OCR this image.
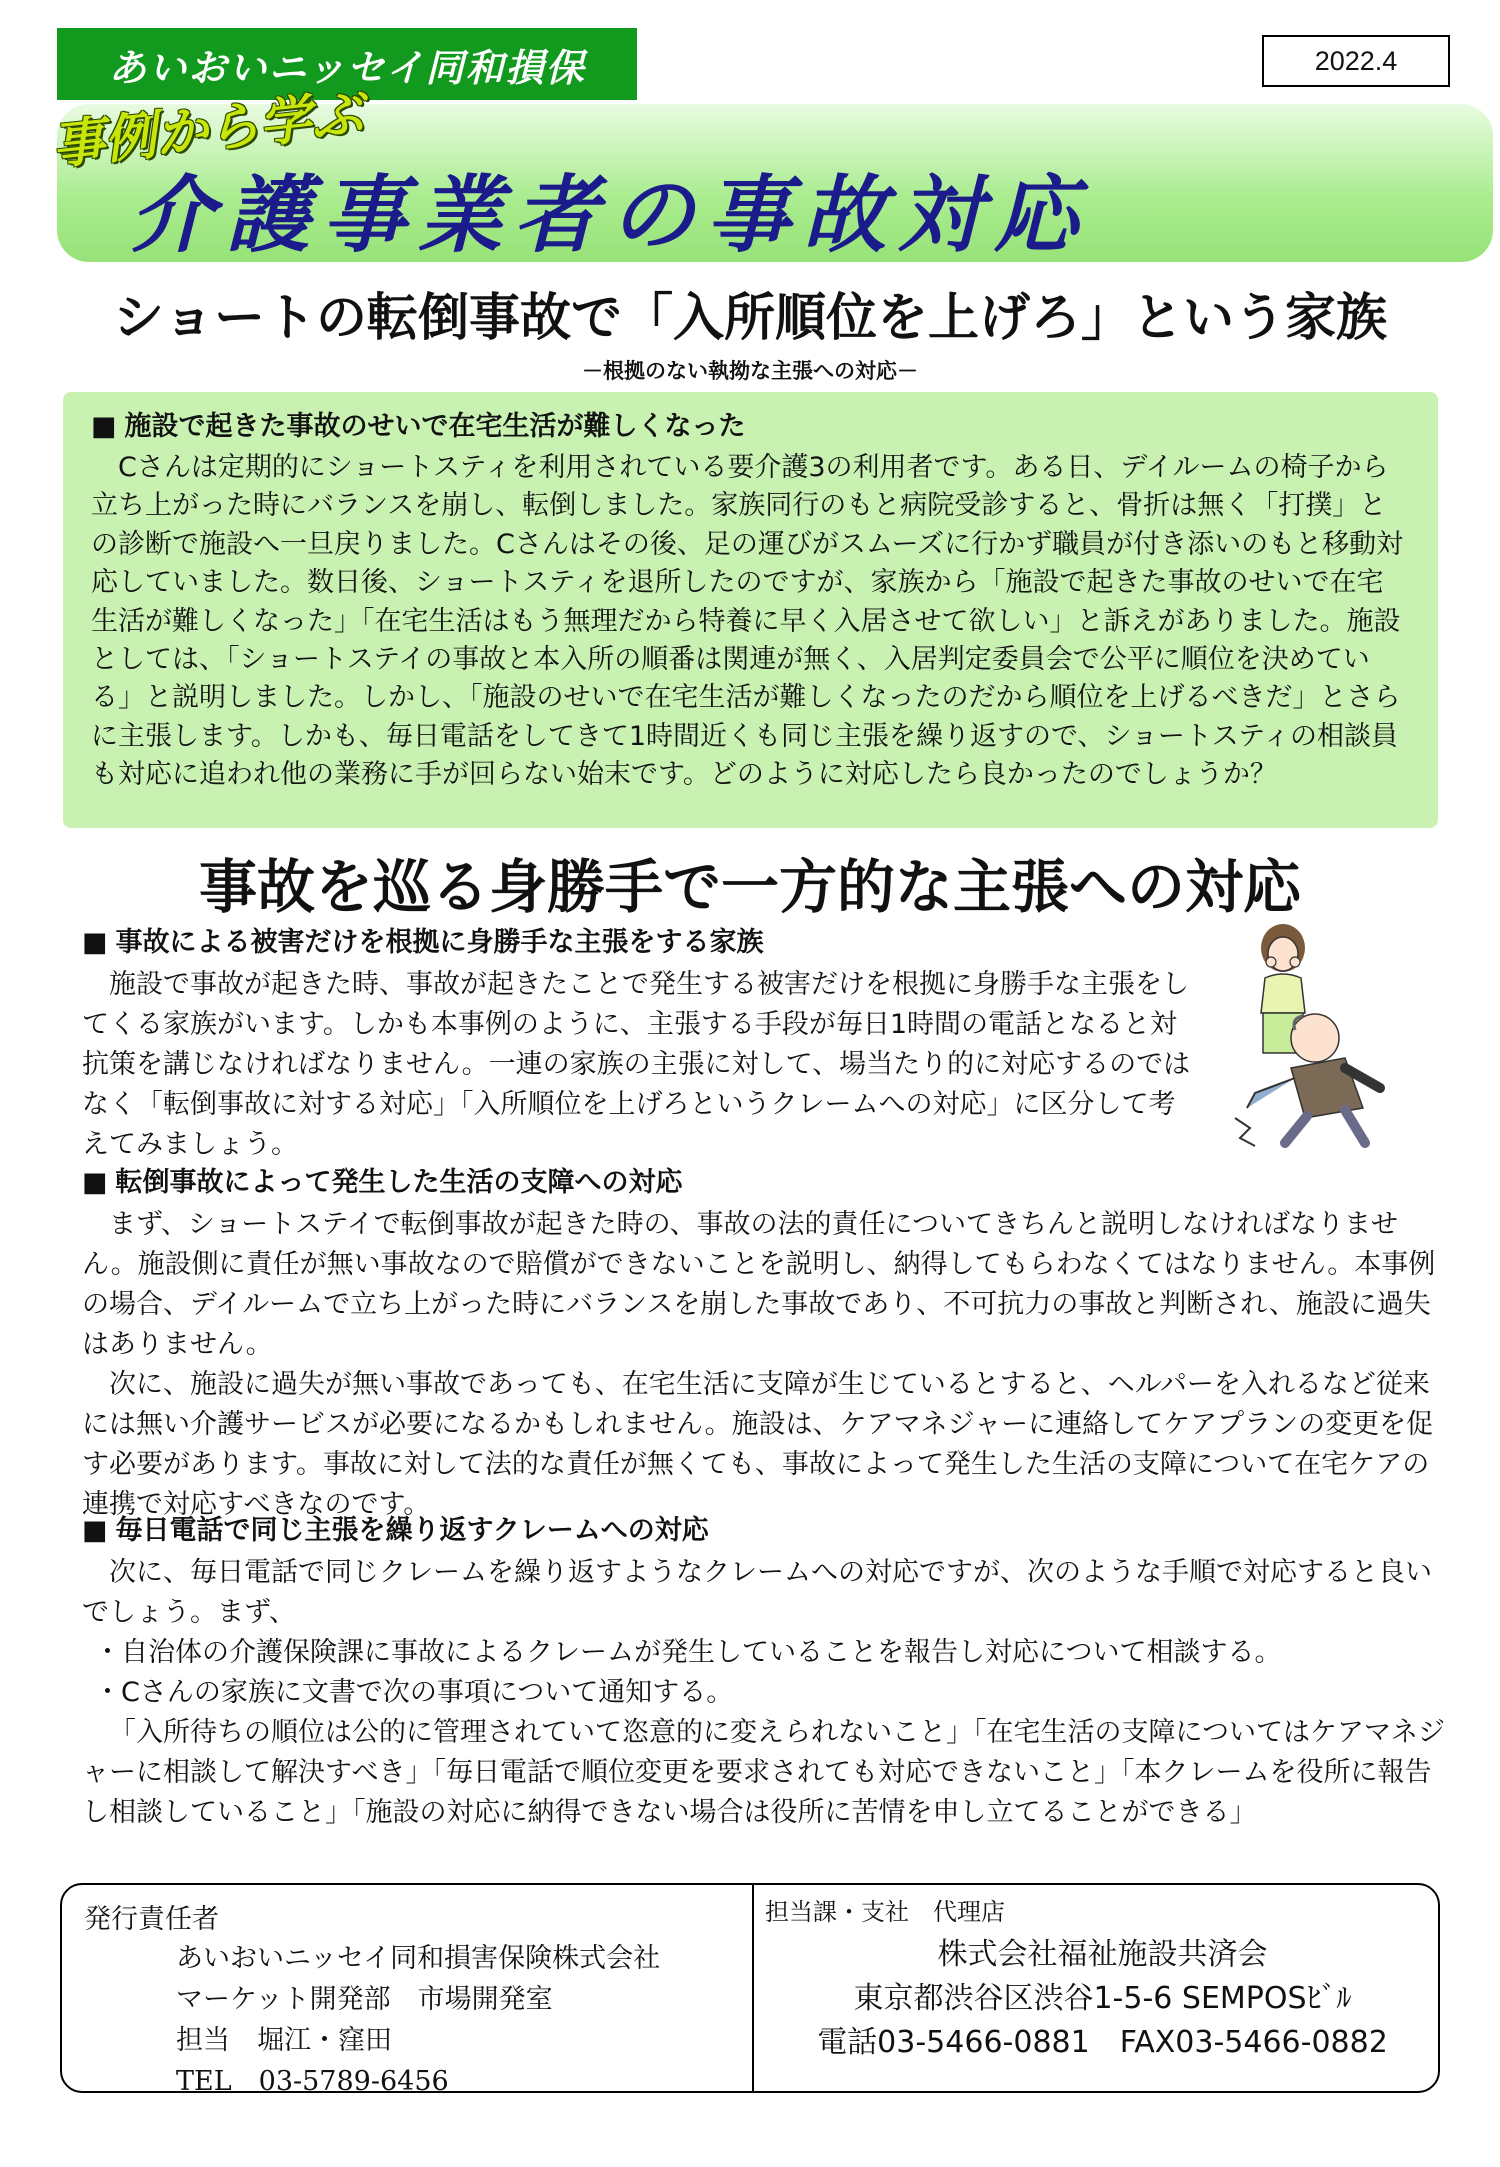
あいおいニッセイ同和損保	2022.4
介護事業者の事故対応
事例から学ぶ
ショートの転倒事故で「入所順位を上げろ」という家族
－根拠のない執拗な主張への対応－

■ 施設で起きた事故のせいで在宅生活が難しくなった

Cさんは定期的にショートスティを利用されている要介護3の利用者です。ある日、デイルームの椅子から立ち上がった時にバランスを崩し、転倒しました。家族同行のもと病院受診すると、骨折は無く「打撲」との診断で施設へ一旦戻りました。Cさんはその後、足の運びがスムーズに行かず職員が付き添いのもと移動対応していました。数日後、ショートスティを退所したのですが、家族から「施設で起きた事故のせいで在宅生活が難しくなった」「在宅生活はもう無理だから特養に早く入居させて欲しい」と訴えがありました。施設としては、「ショートステイの事故と本入所の順番は関連が無く、入居判定委員会で公平に順位を決めている」と説明しました。しかし、「施設のせいで在宅生活が難しくなったのだから順位を上げるべきだ」とさらに主張します。しかも、毎日電話をしてきて1時間近くも同じ主張を繰り返すので、ショートスティの相談員も対応に追われ他の業務に手が回らない始末です。どのように対応したら良かったのでしょうか？

事故を巡る身勝手で一方的な主張への対応

■ 事故による被害だけを根拠に身勝手な主張をする家族

施設で事故が起きた時、事故が起きたことで発生する被害だけを根拠に身勝手な主張をしてくる家族がいます。しかも本事例のように、主張する手段が毎日1時間の電話となると対抗策を講じなければなりません。一連の家族の主張に対して、場当たり的に対応するのではなく「転倒事故に対する対応」「入所順位を上げろというクレームへの対応」に区分して考えてみましょう。

■ 転倒事故によって発生した生活の支障への対応

まず、ショートステイで転倒事故が起きた時の、事故の法的責任についてきちんと説明しなければなりません。施設側に責任が無い事故なので賠償ができないことを説明し、納得してもらわなくてはなりません。本事例の場合、デイルームで立ち上がった時にバランスを崩した事故であり、不可抗力の事故と判断され、施設に過失はありません。

次に、施設に過失が無い事故であっても、在宅生活に支障が生じているとすると、ヘルパーを入れるなど従来には無い介護サービスが必要になるかもしれません。施設は、ケアマネジャーに連絡してケアプランの変更を促す必要があります。事故に対して法的な責任が無くても、事故によって発生した生活の支障について在宅ケアの連携で対応すべきなのです。

■ 毎日電話で同じ主張を繰り返すクレームへの対応

次に、毎日電話で同じクレームを繰り返すようなクレームへの対応ですが、次のような手順で対応すると良いでしょう。まず、

・自治体の介護保険課に事故によるクレームが発生していることを報告し対応について相談する。

・Cさんの家族に文書で次の事項について通知する。

「入所待ちの順位は公的に管理されていて恣意的に変えられないこと」「在宅生活の支障についてはケアマネジャーに相談して解決すべき」「毎日電話で順位変更を要求されても対応できないこと」「本クレームを役所に報告し相談していること」「施設の対応に納得できない場合は役所に苦情を申し立てることができる」

発行責任者

あいおいニッセイ同和損害保険株式会社

マーケット開発部　市場開発室

担当　堀江・窪田

TEL　03-5789-6456

担当課・支社　代理店

株式会社福祉施設共済会

東京都渋谷区渋谷1-5-6 SEMPOSﾋﾞﾙ

電話03-5466-0881　FAX03-5466-0882
